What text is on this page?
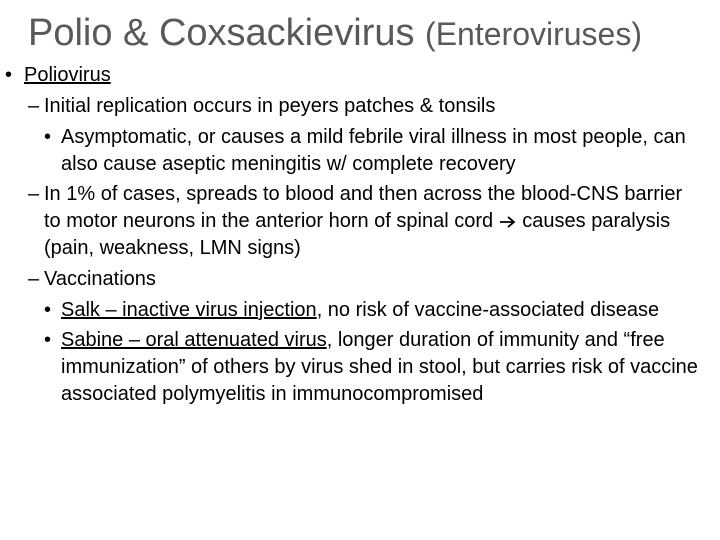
Polio & Coxsackievirus (Enteroviruses)
• Poliovirus
– Initial replication occurs in peyers patches & tonsils
• Asymptomatic, or causes a mild febrile viral illness in most people, can also cause aseptic meningitis w/ complete recovery
– In 1% of cases, spreads to blood and then across the blood-CNS barrier to motor neurons in the anterior horn of spinal cord causes paralysis (pain, weakness, LMN signs)
– Vaccinations
• Salk – inactive virus injection, no risk of vaccine-associated disease
• Sabine – oral attenuated virus, longer duration of immunity and “free immunization” of others by virus shed in stool, but carries risk of vaccine associated polymyelitis in immunocompromised
